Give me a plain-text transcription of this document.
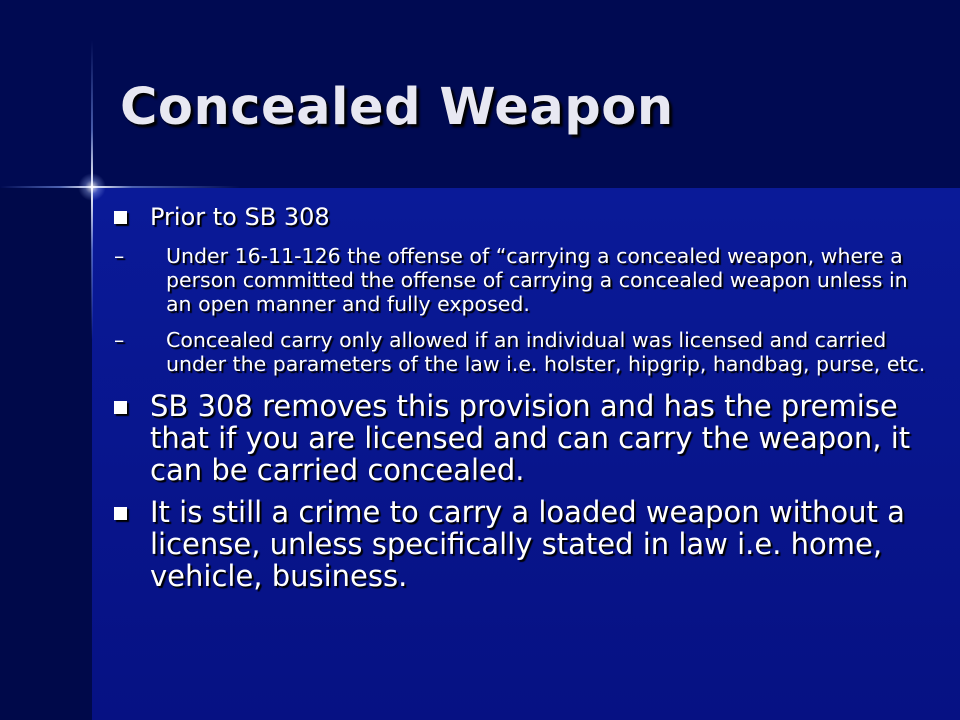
Concealed Weapon
Prior to SB 308
– Under 16-11-126 the offense of “carrying a concealed weapon, where a person committed the offense of carrying a concealed weapon unless in an open manner and fully exposed.
– Concealed carry only allowed if an individual was licensed and carried under the parameters of the law i.e. holster, hipgrip, handbag, purse, etc.
SB 308 removes this provision and has the premise that if you are licensed and can carry the weapon, it can be carried concealed.
It is still a crime to carry a loaded weapon without a license, unless specifically stated in law i.e. home, vehicle, business.
